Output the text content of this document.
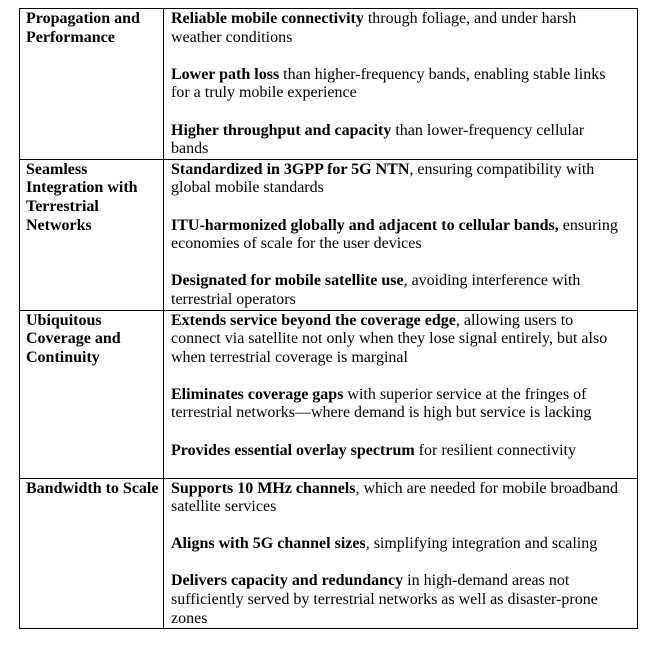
Propagation and Performance	Reliable mobile connectivity through foliage, and under harsh weather conditions

Lower path loss than higher-frequency bands, enabling stable links for a truly mobile experience

Higher throughput and capacity than lower-frequency cellular bands

Seamless Integration with Terrestrial Networks	Standardized in 3GPP for 5G NTN, ensuring compatibility with global mobile standards

ITU-harmonized globally and adjacent to cellular bands, ensuring economies of scale for the user devices

Designated for mobile satellite use, avoiding interference with terrestrial operators

Ubiquitous Coverage and Continuity	Extends service beyond the coverage edge, allowing users to connect via satellite not only when they lose signal entirely, but also when terrestrial coverage is marginal

Eliminates coverage gaps with superior service at the fringes of terrestrial networks—where demand is high but service is lacking

Provides essential overlay spectrum for resilient connectivity

Bandwidth to Scale	Supports 10 MHz channels, which are needed for mobile broadband satellite services

Aligns with 5G channel sizes, simplifying integration and scaling

Delivers capacity and redundancy in high-demand areas not sufficiently served by terrestrial networks as well as disaster-prone zones
